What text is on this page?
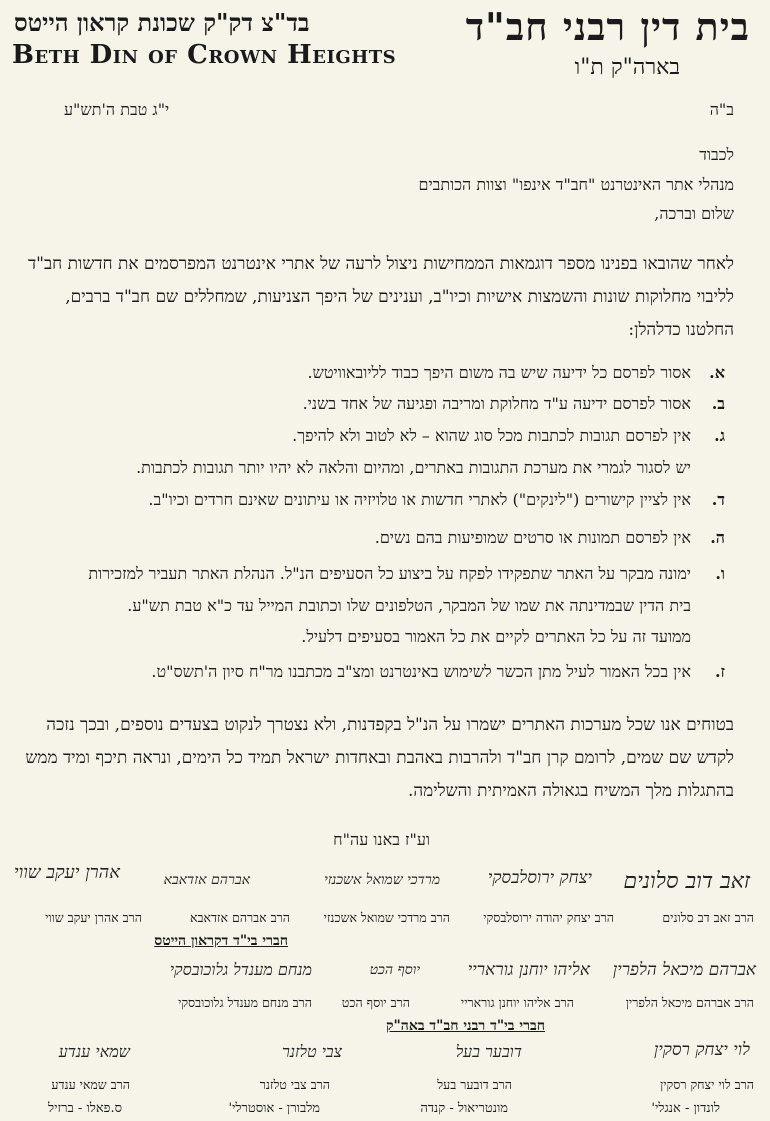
בית דין רבני חב"ד
בארה"ק ת"ו
בד"צ דק"ק שכונת קראון הייטס
Beth Din of Crown Heights
ב"ה
י"ג טבת ה'תש"ע
לכבוד
מנהלי אתר האינטרנט "חב"ד אינפו" וצוות הכותבים
שלום וברכה,
לאחר שהובאו בפנינו מספר דוגמאות הממחישות ניצול לרעה של אתרי אינטרנט המפרסמים את חדשות חב"ד לליבוי מחלוקות שונות והשמצות אישיות וכיו"ב, וענינים של היפך הצניעות, שמחללים שם חב"ד ברבים, החלטנו כדלהלן:
א.אסור לפרסם כל ידיעה שיש בה משום היפך כבוד לליובאוויטש.
ב.אסור לפרסם ידיעה ע"ד מחלוקת ומריבה ופגיעה של אחד בשני.
ג.אין לפרסם תגובות לכתבות מכל סוג שהוא – לא לטוב ולא להיפך.
יש לסגור לגמרי את מערכת התגובות באתרים, ומהיום והלאה לא יהיו יותר תגובות לכתבות.
ד.אין לציין קישורים ("לינקים") לאתרי חדשות או טלויזיה או עיתונים שאינם חרדים וכיו"ב.
ה.אין לפרסם תמונות או סרטים שמופיעות בהם נשים.
ו.ימונה מבקר על האתר שתפקידו לפקח על ביצוע כל הסעיפים הנ"ל. הנהלת האתר תעביר למזכירות
בית הדין שבמדינתה את שמו של המבקר, הטלפונים שלו וכתובת המייל עד כ"א טבת תש"ע.
ממועד זה על כל האתרים לקיים את כל האמור בסעיפים דלעיל.
ז.אין בכל האמור לעיל מתן הכשר לשימוש באינטרנט ומצ"ב מכתבנו מר"ח סיון ה'תשס"ט.
בטוחים אנו שכל מערכות האתרים ישמרו על הנ"ל בקפדנות, ולא נצטרך לנקוט בצעדים נוספים, ובכך נזכה לקדש שם שמים, לרומם קרן חב"ד ולהרבות באהבת ובאחדות ישראל תמיד כל הימים, ונראה תיכף ומיד ממש בהתגלות מלך המשיח בגאולה האמיתית והשלימה.
וע"ז באנו עה"ח
זאב דוב סלונים
יצחק ירוסלבסקי
מרדכי שמואל אשכנזי
אברהם אזדאבא
אהרן יעקב שווי
הרב זאב דב סלונים
הרב יצחק יהודה ירוסלבסקי
הרב מרדכי שמואל אשכנזי
הרב אברהם אזדאבא
הרב אהרן יעקב שווי
חברי בי"ד דקראון הייטס
אברהם מיכאל הלפרין
אליהו יוחנן גוראריי
יוסף הכט
מנחם מענדל גלוכובסקי
הרב אברהם מיכאל הלפרין
הרב אליהו יוחנן גוראריי
הרב יוסף הכט
הרב מנחם מענדל גלוכובסקי
חברי בי"ד רבני חב"ד באה"ק
לוי יצחק רסקין
דובער בעל
צבי טלזנר
שמאי ענדע
הרב לוי יצחק רסקין
הרב דובער בעל
הרב צבי טלזנר
הרב שמאי ענדע
לונדון - אנגלי'
מונטריאול - קנדה
מלבורן - אוסטרלי'
ס.פאלו - ברזיל
